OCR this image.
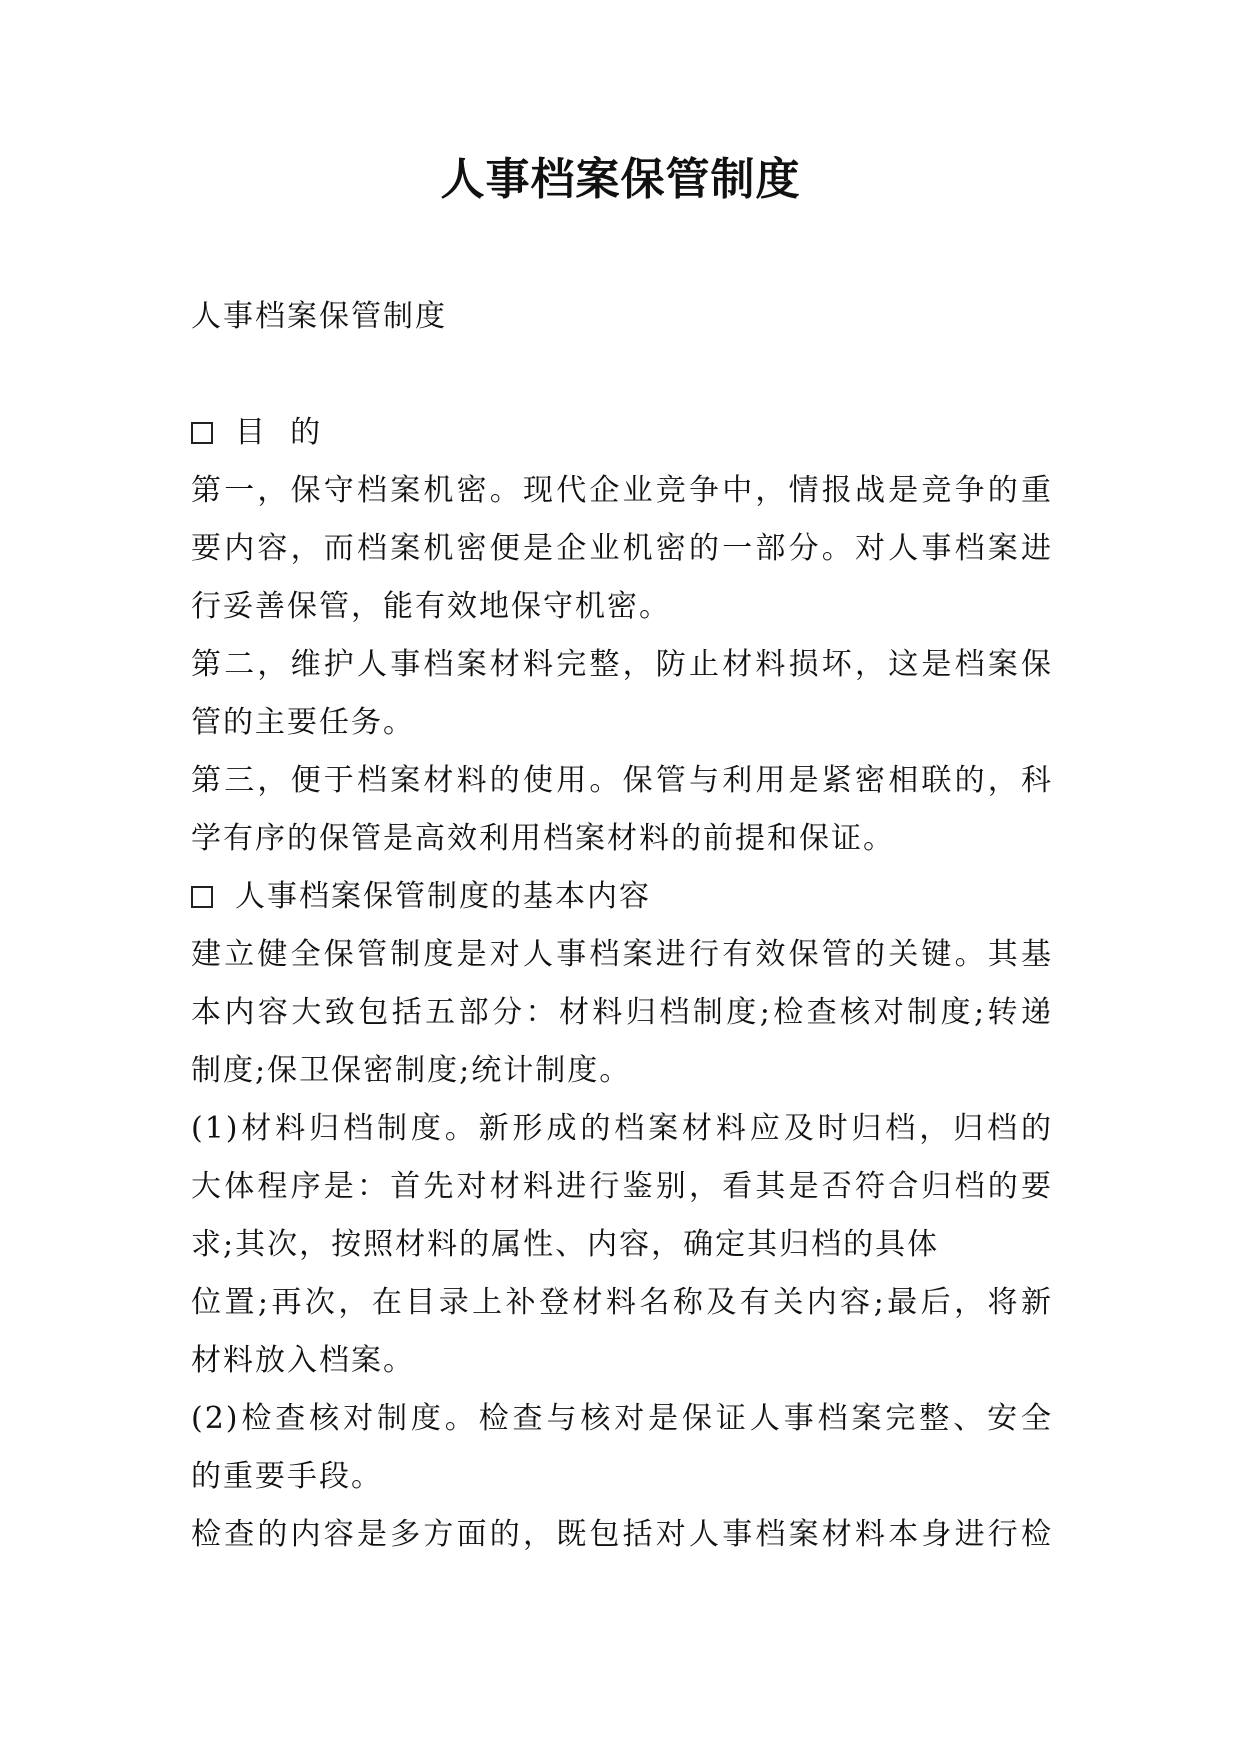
人事档案保管制度

人事档案保管制度

目  的

第一，保守档案机密。现代企业竞争中，情报战是竞争的重

要内容，而档案机密便是企业机密的一部分。对人事档案进

行妥善保管，能有效地保守机密。

第二，维护人事档案材料完整，防止材料损坏，这是档案保

管的主要任务。

第三，便于档案材料的使用。保管与利用是紧密相联的，科

学有序的保管是高效利用档案材料的前提和保证。

人事档案保管制度的基本内容

建立健全保管制度是对人事档案进行有效保管的关键。其基

本内容大致包括五部分：材料归档制度;检查核对制度;转递

制度;保卫保密制度;统计制度。

(1)材料归档制度。新形成的档案材料应及时归档，归档的

大体程序是：首先对材料进行鉴别，看其是否符合归档的要

求;其次，按照材料的属性、内容，确定其归档的具体

位置;再次，在目录上补登材料名称及有关内容;最后，将新

材料放入档案。

(2)检查核对制度。检查与核对是保证人事档案完整、安全

的重要手段。

检查的内容是多方面的，既包括对人事档案材料本身进行检
